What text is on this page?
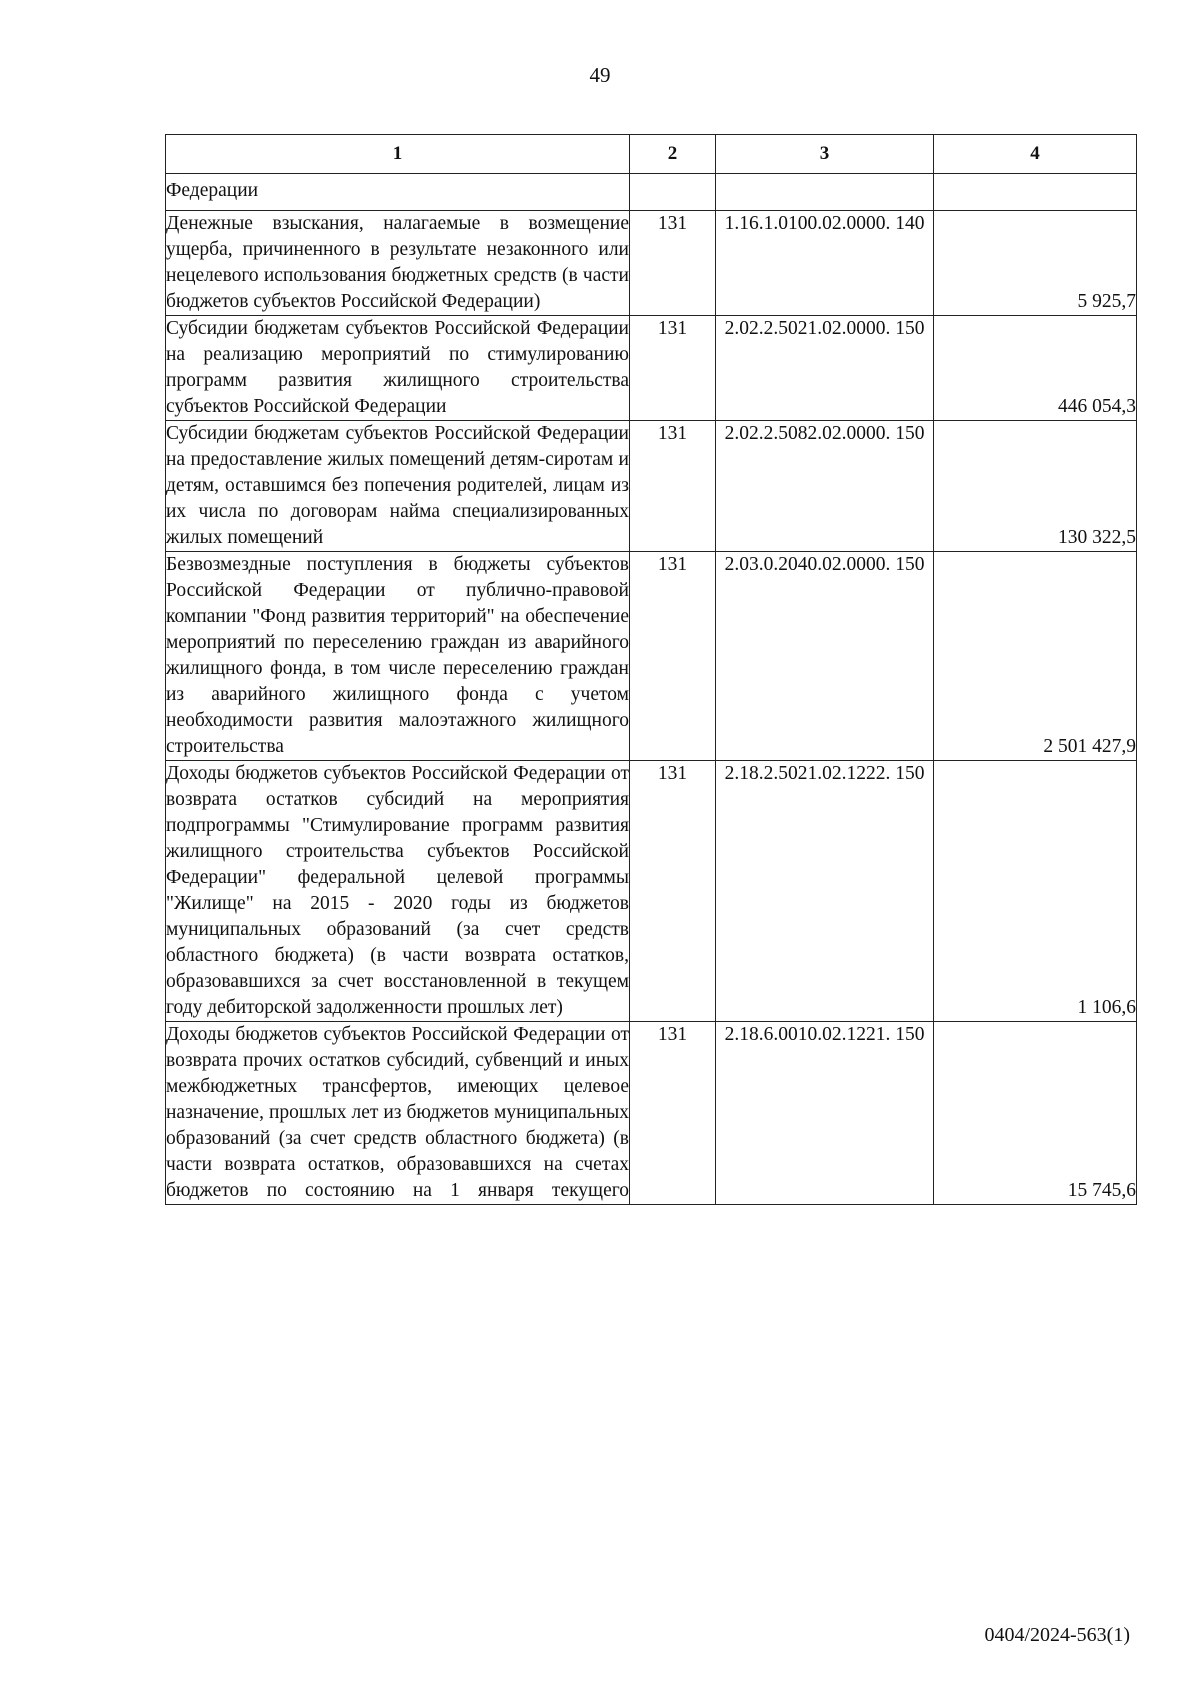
49
1	2	3	4
Федерации			
Денежные взыскания, налагаемые в возмещение ущерба, причиненного в результате незаконного или нецелевого использования бюджетных средств (в части бюджетов субъектов Российской Федерации)	131	1.16.1.0100.02.0000. 140	5 925,7
Субсидии бюджетам субъектов Российской Федерации на реализацию мероприятий по стимулированию программ развития жилищного строительства субъектов Российской Федерации	131	2.02.2.5021.02.0000. 150	446 054,3
Субсидии бюджетам субъектов Российской Федерации на предоставление жилых помещений детям-сиротам и детям, оставшимся без попечения родителей, лицам из их числа по договорам найма специализированных жилых помещений	131	2.02.2.5082.02.0000. 150	130 322,5
Безвозмездные поступления в бюджеты субъектов Российской Федерации от публично-правовой компании "Фонд развития территорий" на обеспечение мероприятий по переселению граждан из аварийного жилищного фонда, в том числе переселению граждан из аварийного жилищного фонда с учетом необходимости развития малоэтажного жилищного строительства	131	2.03.0.2040.02.0000. 150	2 501 427,9
Доходы бюджетов субъектов Российской Федерации от возврата остатков субсидий на мероприятия подпрограммы "Стимулирование программ развития жилищного строительства субъектов Российской Федерации" федеральной целевой программы "Жилище" на 2015 - 2020 годы из бюджетов муниципальных образований (за счет средств областного бюджета) (в части возврата остатков, образовавшихся за счет восстановленной в текущем году дебиторской задолженности прошлых лет)	131	2.18.2.5021.02.1222. 150	1 106,6
Доходы бюджетов субъектов Российской Федерации от возврата прочих остатков субсидий, субвенций и иных межбюджетных трансфертов, имеющих целевое назначение, прошлых лет из бюджетов муниципальных образований (за счет средств областного бюджета) (в части возврата остатков, образовавшихся на счетах бюджетов по состоянию на 1 января текущего	131	2.18.6.0010.02.1221. 150	15 745,6
0404/2024-563(1)
